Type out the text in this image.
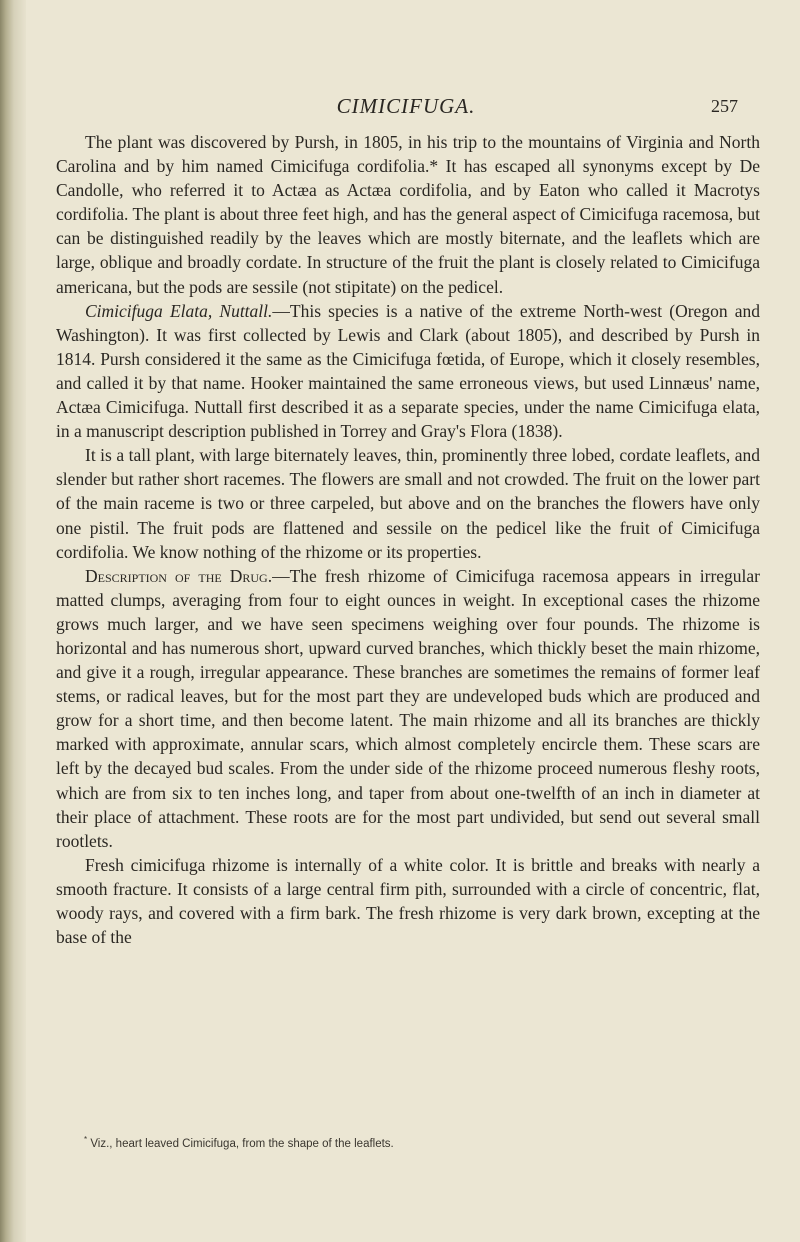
CIMICIFUGA.	257

The plant was discovered by Pursh, in 1805, in his trip to the mountains of Virginia and North Carolina and by him named Cimicifuga cordifolia.* It has escaped all synonyms except by De Candolle, who referred it to Actæa as Actæa cordifolia, and by Eaton who called it Macrotys cordifolia. The plant is about three feet high, and has the general aspect of Cimicifuga racemosa, but can be distinguished readily by the leaves which are mostly biternate, and the leaflets which are large, oblique and broadly cordate. In structure of the fruit the plant is closely related to Cimicifuga americana, but the pods are sessile (not stipitate) on the pedicel.

Cimicifuga Elata, Nuttall.—This species is a native of the extreme North-west (Oregon and Washington). It was first collected by Lewis and Clark (about 1805), and described by Pursh in 1814. Pursh considered it the same as the Cimicifuga fœtida, of Europe, which it closely resembles, and called it by that name. Hooker maintained the same erroneous views, but used Linnæus' name, Actæa Cimicifuga. Nuttall first described it as a separate species, under the name Cimicifuga elata, in a manuscript description published in Torrey and Gray's Flora (1838).

It is a tall plant, with large biternately leaves, thin, prominently three lobed, cordate leaflets, and slender but rather short racemes. The flowers are small and not crowded. The fruit on the lower part of the main raceme is two or three carpeled, but above and on the branches the flowers have only one pistil. The fruit pods are flattened and sessile on the pedicel like the fruit of Cimicifuga cordifolia. We know nothing of the rhizome or its properties.

Description of the Drug.—The fresh rhizome of Cimicifuga racemosa appears in irregular matted clumps, averaging from four to eight ounces in weight. In exceptional cases the rhizome grows much larger, and we have seen specimens weighing over four pounds. The rhizome is horizontal and has numerous short, upward curved branches, which thickly beset the main rhizome, and give it a rough, irregular appearance. These branches are sometimes the remains of former leaf stems, or radical leaves, but for the most part they are undeveloped buds which are produced and grow for a short time, and then become latent. The main rhizome and all its branches are thickly marked with approximate, annular scars, which almost completely encircle them. These scars are left by the decayed bud scales. From the under side of the rhizome proceed numerous fleshy roots, which are from six to ten inches long, and taper from about one-twelfth of an inch in diameter at their place of attachment. These roots are for the most part undivided, but send out several small rootlets.

Fresh cimicifuga rhizome is internally of a white color. It is brittle and breaks with nearly a smooth fracture. It consists of a large central firm pith, surrounded with a circle of concentric, flat, woody rays, and covered with a firm bark. The fresh rhizome is very dark brown, excepting at the base of the

* Viz., heart leaved Cimicifuga, from the shape of the leaflets.
